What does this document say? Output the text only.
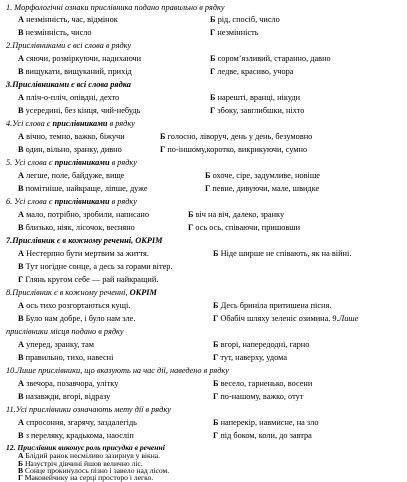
1. Морфологічні ознаки прислівника подано правильно в рядку
А незмінність, час, відмінок	Б рід, спосіб, число
В незмінність, число	Г незмінність
2.Прислівниками є всі слова в рядку
А сяючи, розміркуючи, надихаючи	Б сором’язливий, старанно, давно
В вищукати, вищуканий, прихід	Г ледве, красиво, учора
3.Прислівниками є всі слова рядка
А пліч-о-пліч, опівдні, дехто	Б нарешті, вранці, нікуди
В усередині, без кінця, чий-небудь	Г збоку, завглибшки, ніхто
4.Усі слова є прислівниками в рядку
А вічно, темно, важко, біжучи	Б голосно, ліворуч, день у день, безумовно
В один, вільно, зранку, дивно	Г по-іншому,коротко, викрикуючи, сумно
5. Усі слова є прислівниками в рядку
А легше, поле, байдуже, вище	Б охоче, сіре, задумливе, новіше
В помітніше, найкраще, ліпше, дуже	Г певне, дивуючи, мале, швидке
6. Усі слова є прислівниками в рядку
А мало, потрібно, зробили, написано	Б віч на віч, далеко, зранку
В близько, ніяк, лісочок, весняно	Г ось ось, співаючи, пришовши
7.Прислівник є в кожному реченні, ОКРІМ
А Нестерпно бути мертвим за життя.	Б Ніде ширше не співають, як на війні.
В Тут ногідне сонце, а десь за горами вітер.
Г Глянь кругом себе — рай найкращий.
8.Прислівник є в кожному реченні, ОКРІМ
А ось тихо розгортаються кущі.	Б Десь бриніла притишена пісня.
В Було нам добре, і було нам зле.	Г Обабіч шляху зеленіє озимина. 9.Лише
прислівники місця подано в рядку
А уперед, зранку, там	Б вгорі, напередодні, гарно
В правильно, тихо, навесні	Г тут, наверху, удома
10.Лише прислівники, що вказують на час дії, наведено в рядку
А звечора, позавчора, улітку	Б весело, гарненько, восени
В назавжди, вгорі, відразу	Г по-нашому, важко, отут
11.Усі прислівники означають мету дії в рядку
А спросоння, згарячу, заздалегідь	Б наперекір, навмисне, на зло
В з переляку, крадькома, наосліп	Г під боком, коли, до завтра
12. Прислівник виконує роль присудка в реченні
А Блідий ранок несміливо зазирнув у вікна.
Б Назустріч дівчині йшов велично ліс.
В Сонце прокинулось пізно і завело над лісом.
Г Маковейчику на серці просторо і легко.
